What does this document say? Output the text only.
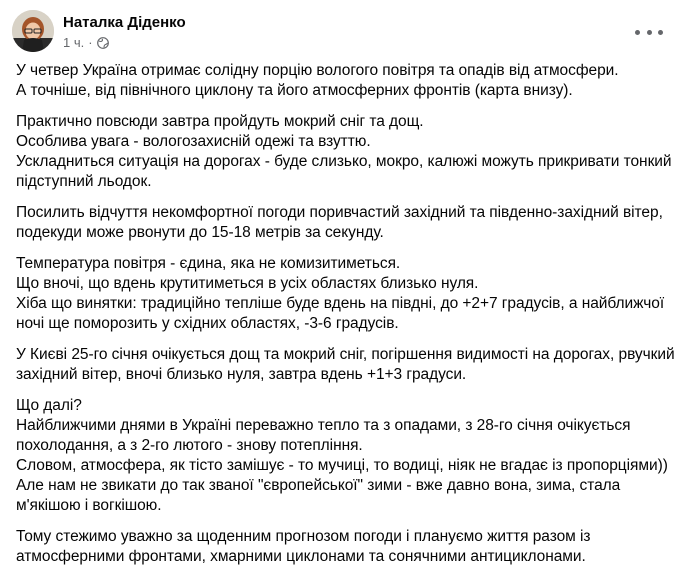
Наталка Діденко
1 ч. ·

У четвер Україна отримає солідну порцію вологого повітря та опадів від атмосфери.
А точніше, від північного циклону та його атмосферних фронтів (карта внизу).

Практично повсюди завтра пройдуть мокрий сніг та дощ.
Особлива увага - вологозахисній одежі та взуттю.
Ускладниться ситуація на дорогах - буде слизько, мокро, калюжі можуть прикривати тонкий
підступний льодок.

Посилить відчуття некомфортної погоди поривчастий західний та південно-західний вітер,
подекуди може рвонути до 15-18 метрів за секунду.

Температура повітря - єдина, яка не комизитиметься.
Що вночі, що вдень крутитиметься в усіх областях близько нуля.
Хіба що винятки: традиційно тепліше буде вдень на півдні, до +2+7 градусів, а найближчої
ночі ще поморозить у східних областях, -3-6 градусів.

У Києві 25-го січня очікується дощ та мокрий сніг, погіршення видимості на дорогах, рвучкий
західний вітер, вночі близько нуля, завтра вдень +1+3 градуси.

Що далі?
Найближчими днями в Україні переважно тепло та з опадами, з 28-го січня очікується
похолодання, а з 2-го лютого - знову потепління.
Словом, атмосфера, як тісто замішує - то мучиці, то водиці, ніяк не вгадає із пропорціями))
Але нам не звикати до так званої "європейської" зими - вже давно вона, зима, стала
м'якішою і вогкішою.

Тому стежимо уважно за щоденним прогнозом погоди і плануємо життя разом із
атмосферними фронтами, хмарними циклонами та сонячними антициклонами.
